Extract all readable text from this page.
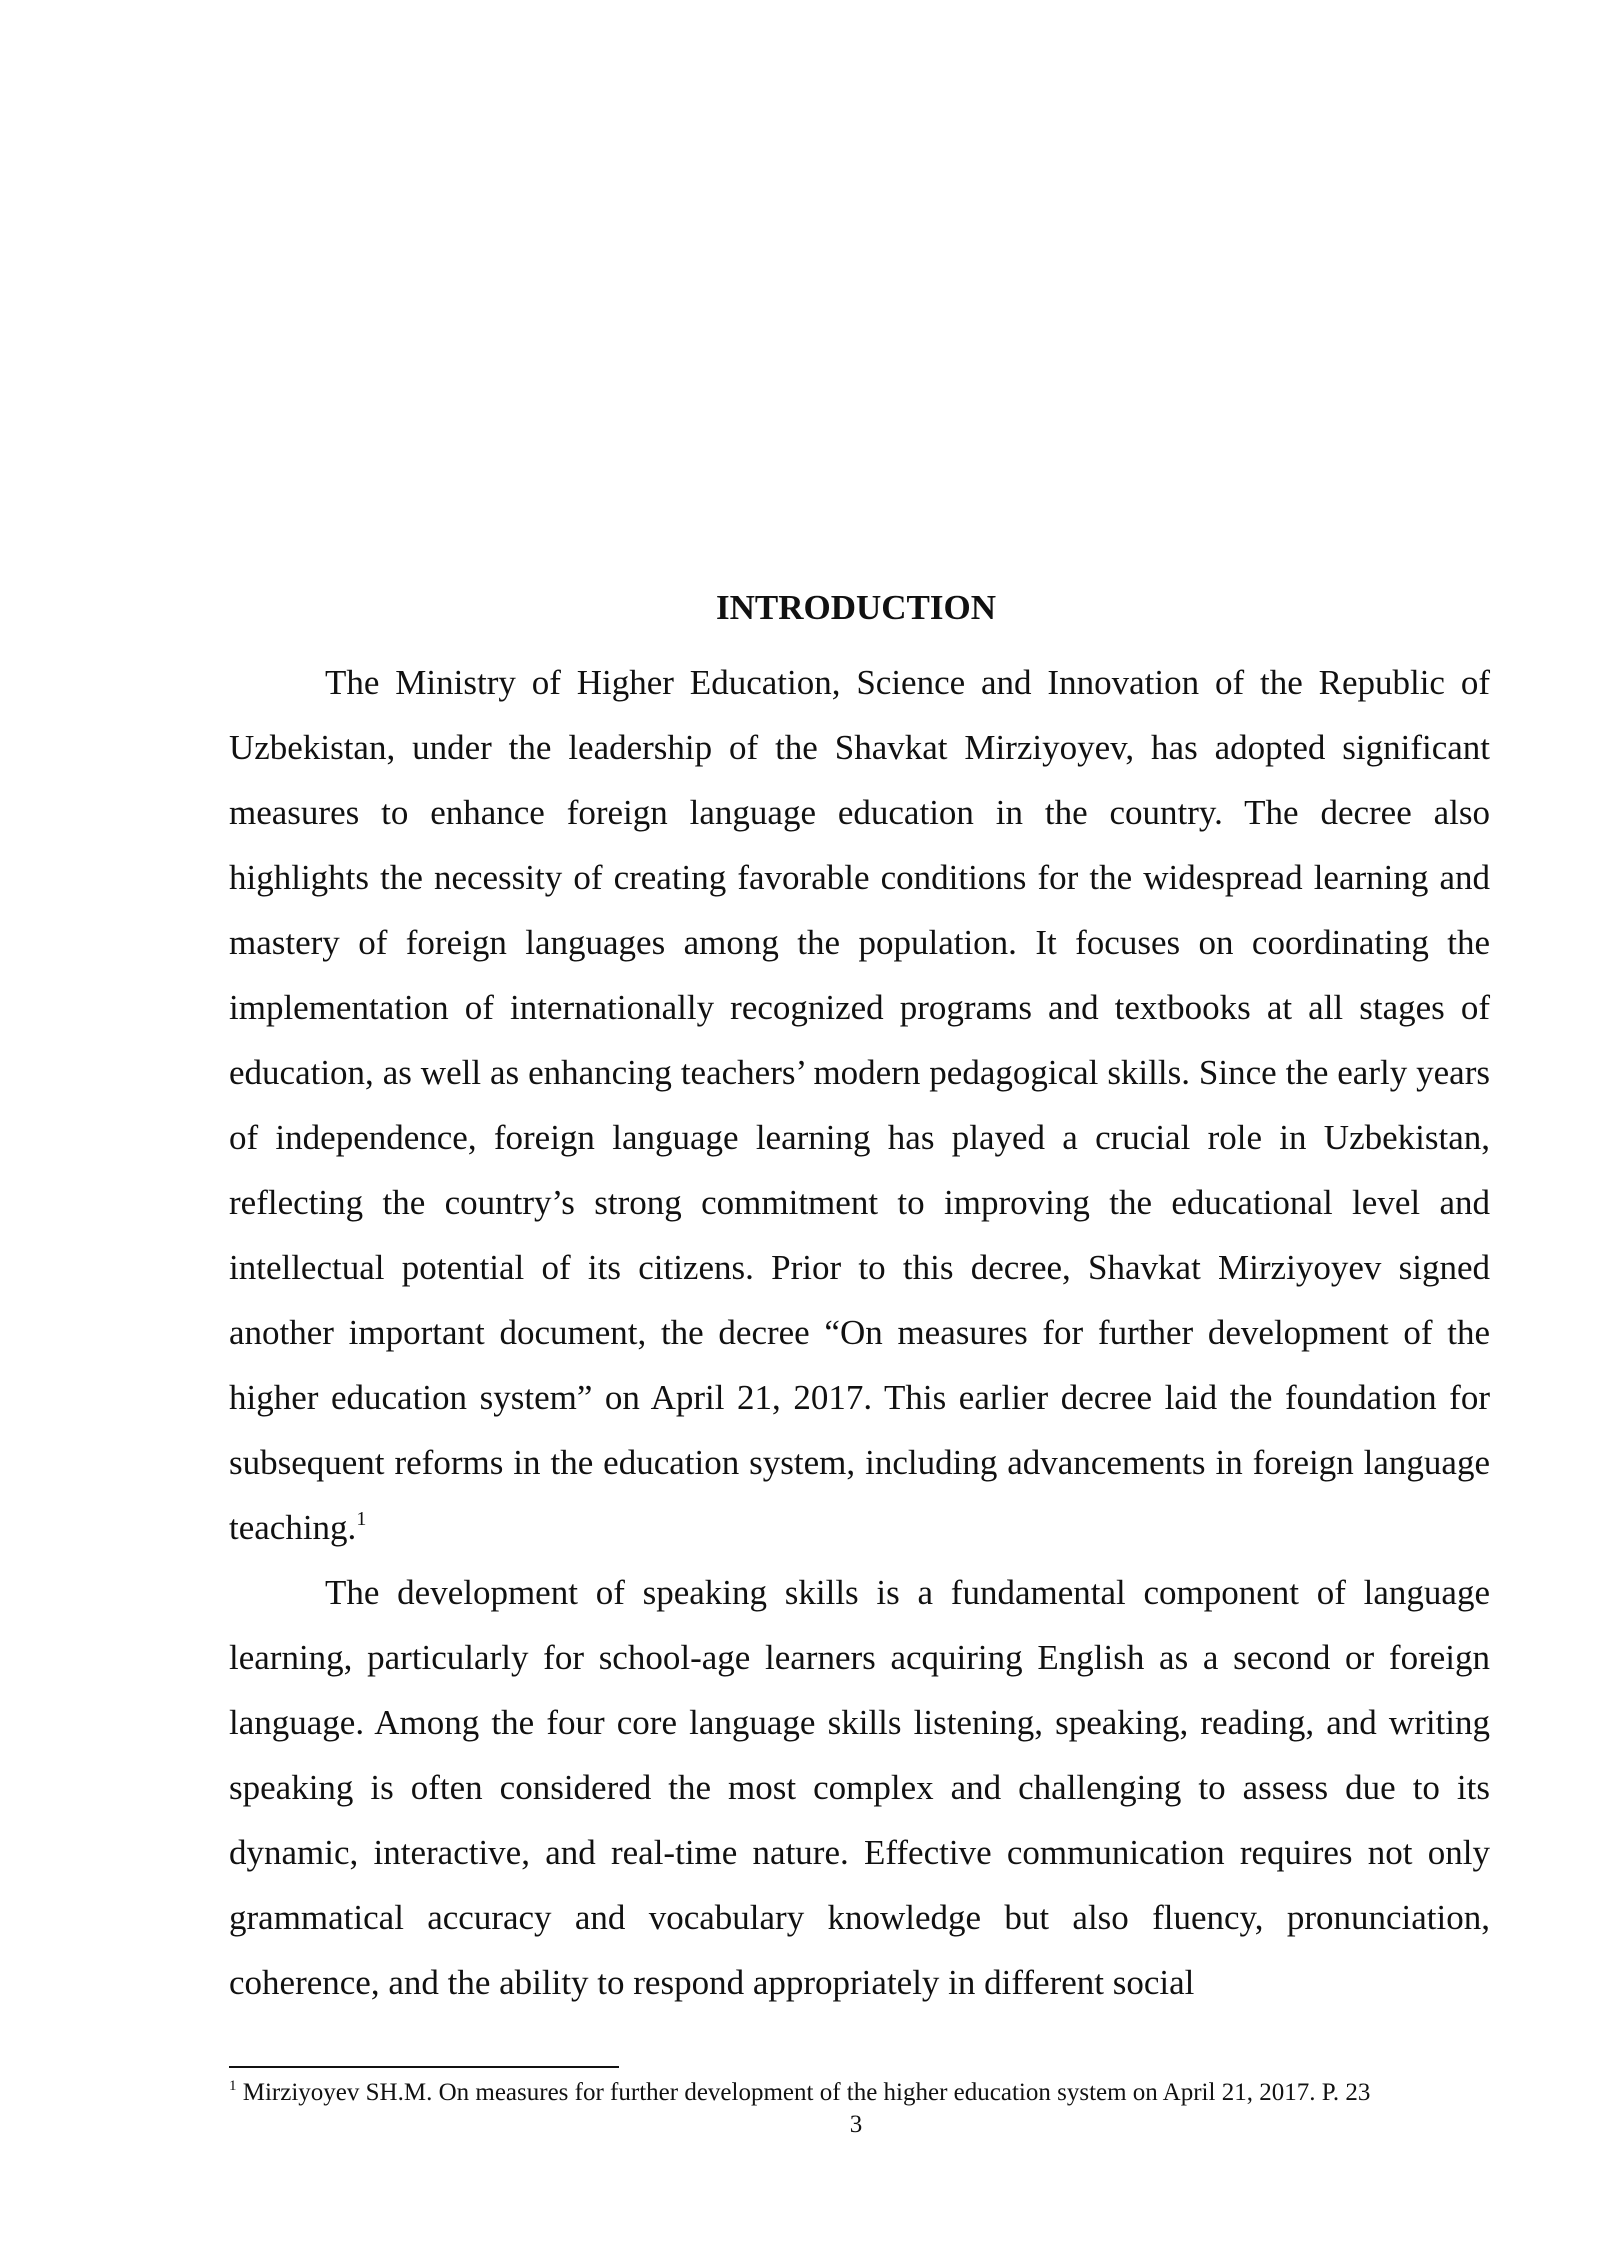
INTRODUCTION

The Ministry of Higher Education, Science and Innovation of the Republic of Uzbekistan, under the leadership of the Shavkat Mirziyoyev, has adopted significant measures to enhance foreign language education in the country. The decree also highlights the necessity of creating favorable conditions for the widespread learning and mastery of foreign languages among the population. It focuses on coordinating the implementation of internationally recognized programs and textbooks at all stages of education, as well as enhancing teachers’ modern pedagogical skills. Since the early years of independence, foreign language learning has played a crucial role in Uzbekistan, reflecting the country’s strong commitment to improving the educational level and intellectual potential of its citizens. Prior to this decree, Shavkat Mirziyoyev signed another important document, the decree “On measures for further development of the higher education system” on April 21, 2017. This earlier decree laid the foundation for subsequent reforms in the education system, including advancements in foreign language teaching.$^1$

The development of speaking skills is a fundamental component of language learning, particularly for school-age learners acquiring English as a second or foreign language. Among the four core language skills listening, speaking, reading, and writing speaking is often considered the most complex and challenging to assess due to its dynamic, interactive, and real-time nature. Effective communication requires not only grammatical accuracy and vocabulary knowledge but also fluency, pronunciation, coherence, and the ability to respond appropriately in different social

$^1$ Mirziyoyev SH.M. On measures for further development of the higher education system on April 21, 2017. P. 23

3
